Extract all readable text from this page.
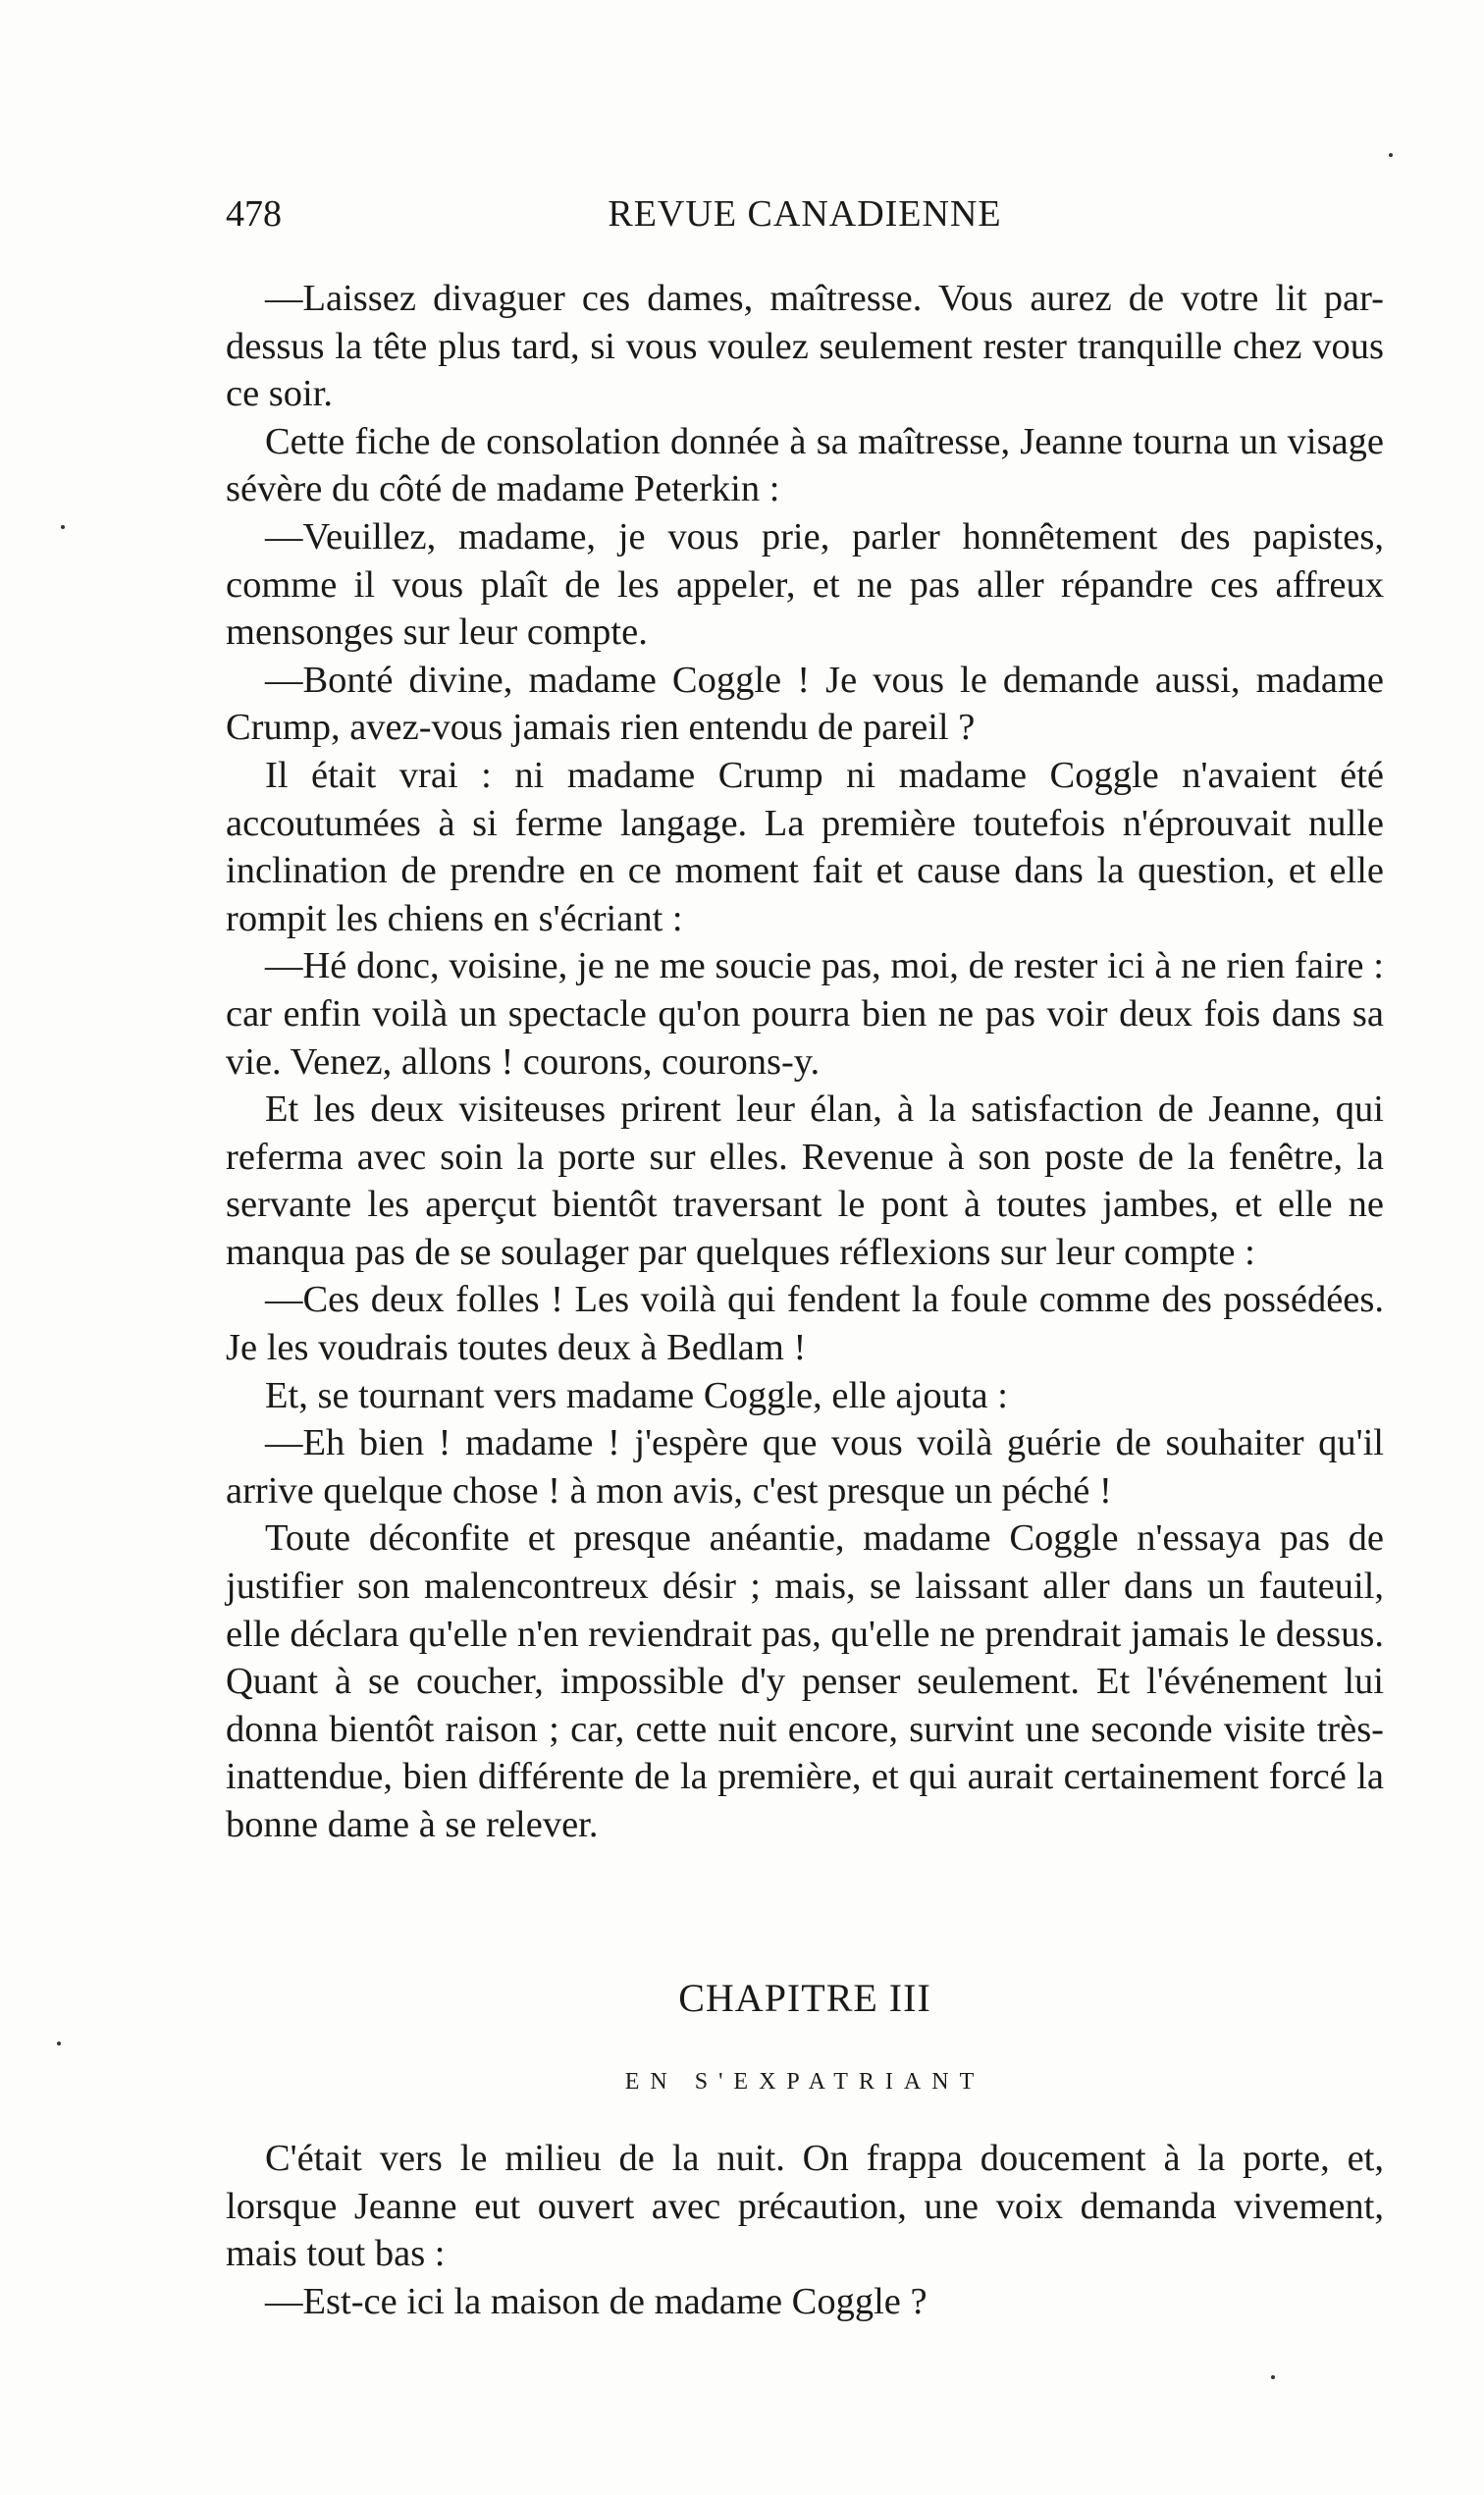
478	REVUE CANADIENNE

—Laissez divaguer ces dames, maîtresse. Vous aurez de votre lit par-dessus la tête plus tard, si vous voulez seulement rester tranquille chez vous ce soir.

Cette fiche de consolation donnée à sa maîtresse, Jeanne tourna un visage sévère du côté de madame Peterkin :

—Veuillez, madame, je vous prie, parler honnêtement des papistes, comme il vous plaît de les appeler, et ne pas aller répandre ces affreux mensonges sur leur compte.

—Bonté divine, madame Coggle ! Je vous le demande aussi, madame Crump, avez-vous jamais rien entendu de pareil ?

Il était vrai : ni madame Crump ni madame Coggle n'avaient été accoutumées à si ferme langage. La première toutefois n'éprouvait nulle inclination de prendre en ce moment fait et cause dans la question, et elle rompit les chiens en s'écriant :

—Hé donc, voisine, je ne me soucie pas, moi, de rester ici à ne rien faire : car enfin voilà un spectacle qu'on pourra bien ne pas voir deux fois dans sa vie. Venez, allons ! courons, courons-y.

Et les deux visiteuses prirent leur élan, à la satisfaction de Jeanne, qui referma avec soin la porte sur elles. Revenue à son poste de la fenêtre, la servante les aperçut bientôt traversant le pont à toutes jambes, et elle ne manqua pas de se soulager par quelques réflexions sur leur compte :

—Ces deux folles ! Les voilà qui fendent la foule comme des possédées. Je les voudrais toutes deux à Bedlam !

Et, se tournant vers madame Coggle, elle ajouta :

—Eh bien ! madame ! j'espère que vous voilà guérie de souhaiter qu'il arrive quelque chose ! à mon avis, c'est presque un péché !

Toute déconfite et presque anéantie, madame Coggle n'essaya pas de justifier son malencontreux désir ; mais, se laissant aller dans un fauteuil, elle déclara qu'elle n'en reviendrait pas, qu'elle ne prendrait jamais le dessus. Quant à se coucher, impossible d'y penser seulement. Et l'événement lui donna bientôt raison ; car, cette nuit encore, survint une seconde visite très-inattendue, bien différente de la première, et qui aurait certainement forcé la bonne dame à se relever.

CHAPITRE III
EN S'EXPATRIANT

C'était vers le milieu de la nuit. On frappa doucement à la porte, et, lorsque Jeanne eut ouvert avec précaution, une voix demanda vivement, mais tout bas :

—Est-ce ici la maison de madame Coggle ?
